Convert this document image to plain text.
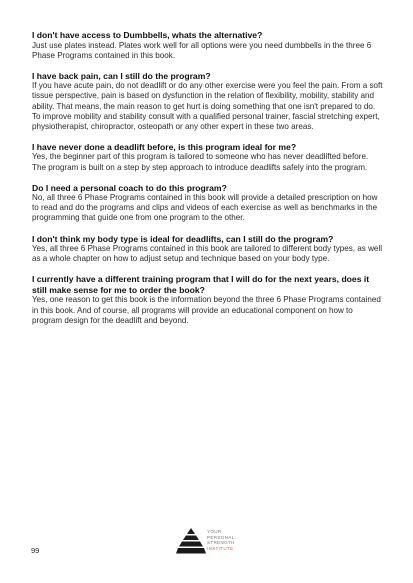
I don't have access to Dumbbells, whats the alternative?

Just use plates instead. Plates work well for all options were you need dumbbells in the three 6 Phase Programs contained in this book.

I have back pain, can I still do the program?

If you have acute pain, do not deadlift or do any other exercise were you feel the pain. From a soft tissue perspective, pain is based on dysfunction in the relation of flexibility, mobility, stability and ability. That means, the main reason to get hurt is doing something that one isn't prepared to do. To improve mobility and stability consult with a qualified personal trainer, fascial stretching expert, physiotherapist, chiropractor, osteopath or any other expert in these two areas.

I have never done a deadlift before, is this program ideal for me?

Yes, the beginner part of this program is tailored to someone who has never deadlifted before. The program is built on a step by step approach to introduce deadlifts safely into the program.

Do I need a personal coach to do this program?

No, all three 6 Phase Programs contained in this book will provide a detailed prescription on how to read and do the programs and clips and videos of each exercise as well as benchmarks in the programming that guide one from one program to the other.

I don't think my body type is ideal for deadlifts, can I still do the program?

Yes, all three 6 Phase Programs contained in this book are tailored to different body types, as well as a whole chapter on how to adjust setup and technique based on your body type.

I currently have a different training program that I will do for the next years, does it still make sense for me to order the book?

Yes, one reason to get this book is the information beyond the three 6 Phase Programs contained in this book. And of course, all programs will provide an educational component on how to program design for the deadlift and beyond.

99
YOUR
PERSONAL
STRENGTH
INSTITUTE
